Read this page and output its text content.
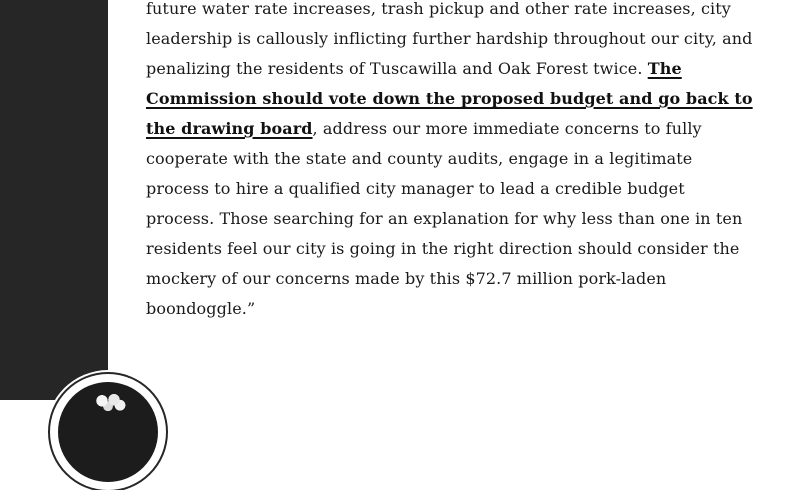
future water rate increases, trash pickup and other rate increases, city leadership is callously inflicting further hardship throughout our city, and penalizing the residents of Tuscawilla and Oak Forest twice. The Commission should vote down the proposed budget and go back to the drawing board, address our more immediate concerns to fully cooperate with the state and county audits, engage in a legitimate process to hire a qualified city manager to lead a credible budget process. Those searching for an explanation for why less than one in ten residents feel our city is going in the right direction should consider the mockery of our concerns made by this $72.7 million pork-laden boondoggle.”
